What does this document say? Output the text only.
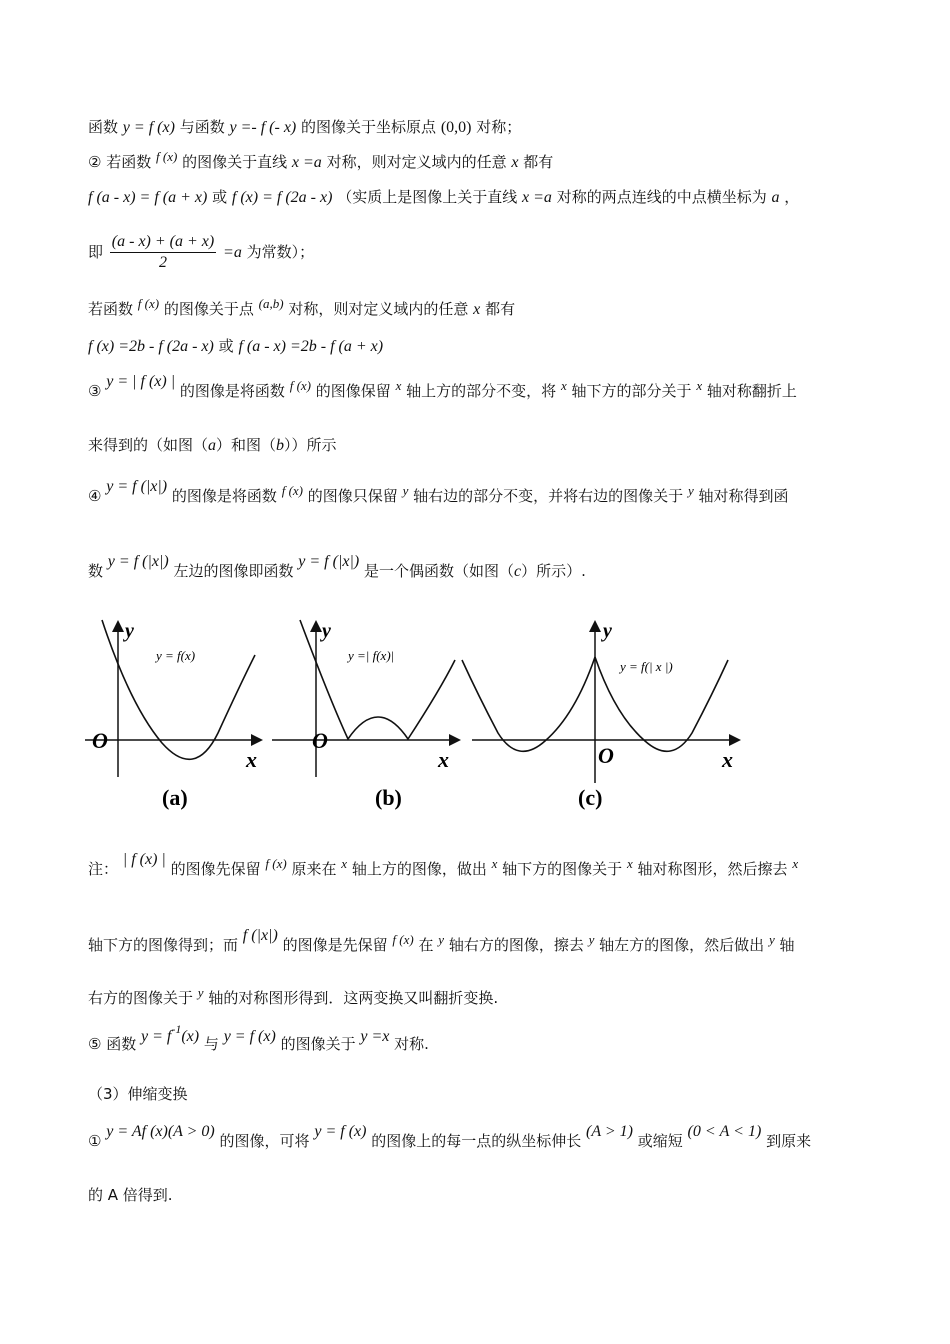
函数 y = f (x) 与函数 y =- f (- x) 的图像关于坐标原点 (0,0) 对称；
② 若函数 f (x) 的图像关于直线 x =a 对称，则对定义域内的任意 x 都有
f (a - x) = f (a + x) 或 f (x) = f (2a - x) （实质上是图像上关于直线 x =a 对称的两点连线的中点横坐标为 a ，
即 $\frac{(a - x) + (a + x)}{2} =a$ 为常数）；
若函数 f (x) 的图像关于点 (a,b) 对称，则对定义域内的任意 x 都有
f (x) =2b - f (2a - x) 或 f (a - x) =2b - f (a + x)
③ y = | f (x) | 的图像是将函数 f (x) 的图像保留 x 轴上方的部分不变，将 x 轴下方的部分关于 x 轴对称翻折上
来得到的（如图（a）和图（b））所示
④ y = f (|x|) 的图像是将函数 f (x) 的图像只保留 y 轴右边的部分不变，并将右边的图像关于 y 轴对称得到函
数 y = f (|x|) 左边的图像即函数 y = f (|x|) 是一个偶函数（如图（c）所示）.
y
y = f(x)
O
x
(a)
y
y =| f(x)|
O
x
(b)
y
y = f(| x |)
O	x
(c)
注： | f (x) | 的图像先保留 f (x) 原来在 x 轴上方的图像，做出 x 轴下方的图像关于 x 轴对称图形，然后擦去 x
轴下方的图像得到；而 f (|x|) 的图像是先保留 f (x) 在 y 轴右方的图像，擦去 y 轴左方的图像，然后做出 y 轴
右方的图像关于 y 轴的对称图形得到．这两变换又叫翻折变换.
⑤ 函数 $y = f^{-1}(x)$ 与 y = f (x) 的图像关于 y =x 对称.
（3）伸缩变换
① y = Af (x)(A > 0) 的图像，可将 y = f (x) 的图像上的每一点的纵坐标伸长 (A > 1) 或缩短 (0 < A < 1) 到原来
的 A 倍得到.
